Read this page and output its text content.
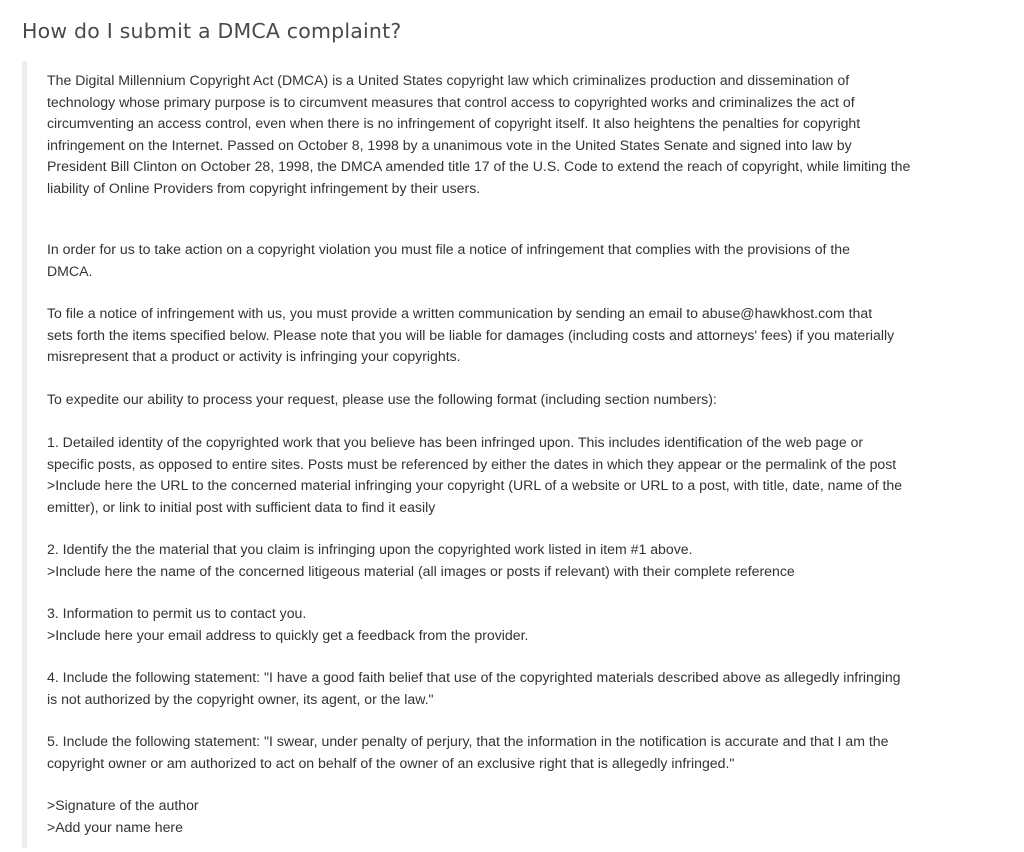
How do I submit a DMCA complaint?

The Digital Millennium Copyright Act (DMCA) is a United States copyright law which criminalizes production and dissemination of
technology whose primary purpose is to circumvent measures that control access to copyrighted works and criminalizes the act of
circumventing an access control, even when there is no infringement of copyright itself. It also heightens the penalties for copyright
infringement on the Internet. Passed on October 8, 1998 by a unanimous vote in the United States Senate and signed into law by
President Bill Clinton on October 28, 1998, the DMCA amended title 17 of the U.S. Code to extend the reach of copyright, while limiting the
liability of Online Providers from copyright infringement by their users.

In order for us to take action on a copyright violation you must file a notice of infringement that complies with the provisions of the
DMCA.

To file a notice of infringement with us, you must provide a written communication by sending an email to abuse@hawkhost.com that
sets forth the items specified below. Please note that you will be liable for damages (including costs and attorneys' fees) if you materially
misrepresent that a product or activity is infringing your copyrights.

To expedite our ability to process your request, please use the following format (including section numbers):

1. Detailed identity of the copyrighted work that you believe has been infringed upon. This includes identification of the web page or
specific posts, as opposed to entire sites. Posts must be referenced by either the dates in which they appear or the permalink of the post
>Include here the URL to the concerned material infringing your copyright (URL of a website or URL to a post, with title, date, name of the
emitter), or link to initial post with sufficient data to find it easily

2. Identify the the material that you claim is infringing upon the copyrighted work listed in item #1 above.
>Include here the name of the concerned litigeous material (all images or posts if relevant) with their complete reference

3. Information to permit us to contact you.
>Include here your email address to quickly get a feedback from the provider.

4. Include the following statement: "I have a good faith belief that use of the copyrighted materials described above as allegedly infringing
is not authorized by the copyright owner, its agent, or the law."

5. Include the following statement: "I swear, under penalty of perjury, that the information in the notification is accurate and that I am the
copyright owner or am authorized to act on behalf of the owner of an exclusive right that is allegedly infringed."

>Signature of the author
>Add your name here
